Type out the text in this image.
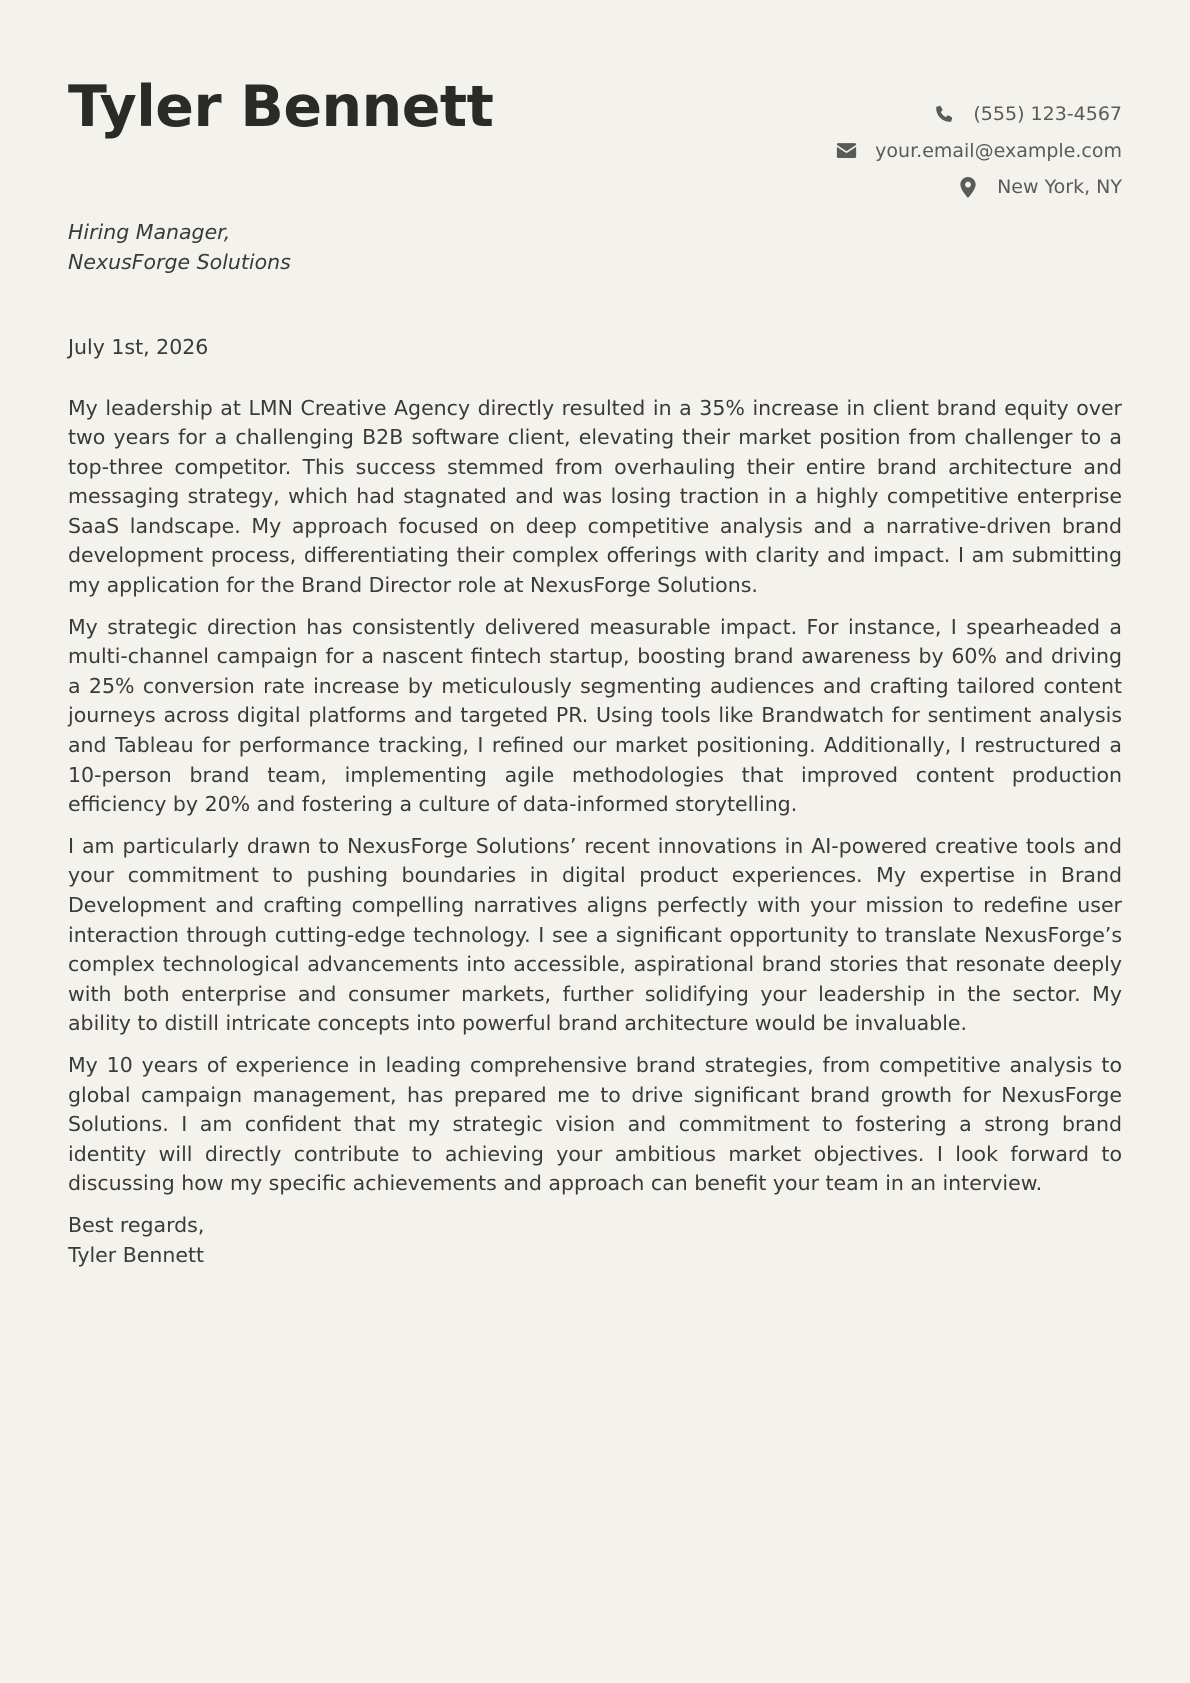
Tyler Bennett	(555) 123-4567
your.email@example.com
New York, NY
Hiring Manager,
NexusForge Solutions
July 1st, 2026

My leadership at LMN Creative Agency directly resulted in a 35% increase in client brand equity over two years for a challenging B2B software client, elevating their market position from challenger to a top-three competitor. This success stemmed from overhauling their entire brand architecture and messaging strategy, which had stagnated and was losing traction in a highly competitive enterprise SaaS landscape. My approach focused on deep competitive analysis and a narrative-driven brand development process, differentiating their complex offerings with clarity and impact. I am submitting my application for the Brand Director role at NexusForge Solutions.

My strategic direction has consistently delivered measurable impact. For instance, I spearheaded a multi-channel campaign for a nascent fintech startup, boosting brand awareness by 60% and driving a 25% conversion rate increase by meticulously segmenting audiences and crafting tailored content journeys across digital platforms and targeted PR. Using tools like Brandwatch for sentiment analysis and Tableau for performance tracking, I refined our market positioning. Additionally, I restructured a 10-person brand team, implementing agile methodologies that improved content production efficiency by 20% and fostering a culture of data-informed storytelling.

I am particularly drawn to NexusForge Solutions’ recent innovations in AI-powered creative tools and your commitment to pushing boundaries in digital product experiences. My expertise in Brand Development and crafting compelling narratives aligns perfectly with your mission to redefine user interaction through cutting-edge technology. I see a significant opportunity to translate NexusForge’s complex technological advancements into accessible, aspirational brand stories that resonate deeply with both enterprise and consumer markets, further solidifying your leadership in the sector. My ability to distill intricate concepts into powerful brand architecture would be invaluable.

My 10 years of experience in leading comprehensive brand strategies, from competitive analysis to global campaign management, has prepared me to drive significant brand growth for NexusForge Solutions. I am confident that my strategic vision and commitment to fostering a strong brand identity will directly contribute to achieving your ambitious market objectives. I look forward to discussing how my specific achievements and approach can benefit your team in an interview.

Best regards,
Tyler Bennett
